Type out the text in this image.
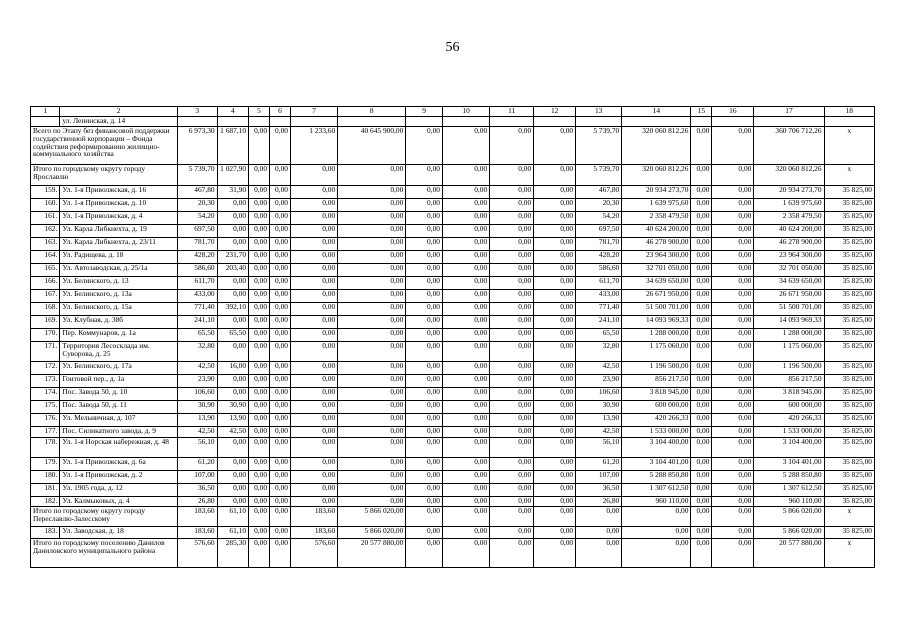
56
1	2	3	4	5	6	7	8	9	10	11	12	13	14	15	16	17	18
	ул. Ленинская, д. 14																
Всего по Этапу без финансовой поддержки государственной корпорации – Фонда содействия реформированию жилищно-коммунального хозяйства		6 973,30	1 687,10	0,00	0,00	1 233,60	40 645 900,00	0,00	0,00	0,00	0,00	5 739,70	320 060 812,26	0,00	0,00	360 706 712,26	х
Итого по городскому округу городу Ярославлю		5 739,70	1 027,90	0,00	0,00	0,00	0,00	0,00	0,00	0,00	0,00	5 739,70	320 060 812,26	0,00	0,00	320 060 812,26	х
159.	Ул. 1-я Приволжская, д. 16	467,80	31,90	0,00	0,00	0,00	0,00	0,00	0,00	0,00	0,00	467,80	20 934 273,70	0,00	0,00	20 934 273,70	35 825,00
160.	Ул. 1-я Приволжская, д. 10	20,30	0,00	0,00	0,00	0,00	0,00	0,00	0,00	0,00	0,00	20,30	1 639 975,60	0,00	0,00	1 639 975,60	35 825,00
161.	Ул. 1-я Приволжская, д. 4	54,20	0,00	0,00	0,00	0,00	0,00	0,00	0,00	0,00	0,00	54,20	2 358 479,50	0,00	0,00	2 358 479,50	35 825,00
162.	Ул. Карла Либкнехта, д. 19	697,50	0,00	0,00	0,00	0,00	0,00	0,00	0,00	0,00	0,00	697,50	40 624 200,00	0,00	0,00	40 624 200,00	35 825,00
163.	Ул. Карла Либкнехта, д. 23/11	781,70	0,00	0,00	0,00	0,00	0,00	0,00	0,00	0,00	0,00	781,70	46 278 900,00	0,00	0,00	46 278 900,00	35 825,00
164.	Ул. Радищева, д. 18	428,20	231,70	0,00	0,00	0,00	0,00	0,00	0,00	0,00	0,00	428,20	23 964 300,00	0,00	0,00	23 964 300,00	35 825,00
165.	Ул. Автозаводская, д. 25/1а	586,60	203,40	0,00	0,00	0,00	0,00	0,00	0,00	0,00	0,00	586,60	32 701 050,00	0,00	0,00	32 701 050,00	35 825,00
166.	Ул. Белинского, д. 13	611,70	0,00	0,00	0,00	0,00	0,00	0,00	0,00	0,00	0,00	611,70	34 639 650,00	0,00	0,00	34 639 650,00	35 825,00
167.	Ул. Белинского, д. 13а	433,00	0,00	0,00	0,00	0,00	0,00	0,00	0,00	0,00	0,00	433,00	26 671 950,00	0,00	0,00	26 671 950,00	35 825,00
168.	Ул. Белинского, д. 15а	771,40	392,10	0,00	0,00	0,00	0,00	0,00	0,00	0,00	0,00	771,40	51 500 701,00	0,00	0,00	51 500 701,00	35 825,00
169.	Ул. Клубная, д. 38б	241,10	0,00	0,00	0,00	0,00	0,00	0,00	0,00	0,00	0,00	241,10	14 093 969,33	0,00	0,00	14 093 969,33	35 825,00
170.	Пер. Коммунаров, д. 1а	65,50	65,50	0,00	0,00	0,00	0,00	0,00	0,00	0,00	0,00	65,50	1 288 000,00	0,00	0,00	1 288 000,00	35 825,00
171.	Территория Лесосклада им. Суворова, д. 25	32,80	0,00	0,00	0,00	0,00	0,00	0,00	0,00	0,00	0,00	32,80	1 175 060,00	0,00	0,00	1 175 060,00	35 825,00
172.	Ул. Белинского, д. 17а	42,50	16,00	0,00	0,00	0,00	0,00	0,00	0,00	0,00	0,00	42,50	1 196 500,00	0,00	0,00	1 196 500,00	35 825,00
173.	Гонтовой пер., д. 1а	23,90	0,00	0,00	0,00	0,00	0,00	0,00	0,00	0,00	0,00	23,90	856 217,50	0,00	0,00	856 217,50	35 825,00
174.	Пос. Завода 50, д. 10	106,60	0,00	0,00	0,00	0,00	0,00	0,00	0,00	0,00	0,00	106,60	3 818 945,00	0,00	0,00	3 818 945,00	35 825,00
175.	Пос. Завода 50, д. 11	30,90	30,90	0,00	0,00	0,00	0,00	0,00	0,00	0,00	0,00	30,90	600 000,00	0,00	0,00	600 000,00	35 825,00
176.	Ул. Мельничная, д. 107	13,90	13,90	0,00	0,00	0,00	0,00	0,00	0,00	0,00	0,00	13,90	420 266,33	0,00	0,00	420 266,33	35 825,00
177.	Пос. Силикатного завода, д. 9	42,50	42,50	0,00	0,00	0,00	0,00	0,00	0,00	0,00	0,00	42,50	1 533 000,00	0,00	0,00	1 533 000,00	35 825,00
178.	Ул. 1-я Норская набережная, д. 48	56,10	0,00	0,00	0,00	0,00	0,00	0,00	0,00	0,00	0,00	56,10	3 104 400,00	0,00	0,00	3 104 400,00	35 825,00
179.	Ул. 1-я Приволжская, д. 6а	61,20	0,00	0,00	0,00	0,00	0,00	0,00	0,00	0,00	0,00	61,20	3 104 401,00	0,00	0,00	3 104 401,00	35 825,00
180.	Ул. 1-я Приволжская, д. 2	107,00	0,00	0,00	0,00	0,00	0,00	0,00	0,00	0,00	0,00	107,00	5 288 850,80	0,00	0,00	5 288 850,80	35 825,00
181.	Ул. 1905 года, д. 12	36,50	0,00	0,00	0,00	0,00	0,00	0,00	0,00	0,00	0,00	36,50	1 307 612,50	0,00	0,00	1 307 612,50	35 825,00
182.	Ул. Калмыковых, д. 4	26,80	0,00	0,00	0,00	0,00	0,00	0,00	0,00	0,00	0,00	26,80	960 110,00	0,00	0,00	960 110,00	35 825,00
Итого по городскому округу городу Переславлю-Залесскому		183,60	61,10	0,00	0,00	183,60	5 866 020,00	0,00	0,00	0,00	0,00	0,00	0,00	0,00	0,00	5 866 020,00	х
183.	Ул. Заводская, д. 18	183,60	61,10	0,00	0,00	183,60	5 866 020,00	0,00	0,00	0,00	0,00	0,00	0,00	0,00	0,00	5 866 020,00	35 825,00
Итого по городскому поселению Данилов Даниловского муниципального района		576,60	285,30	0,00	0,00	576,60	20 577 880,00	0,00	0,00	0,00	0,00	0,00	0,00	0,00	0,00	20 577 880,00	х
